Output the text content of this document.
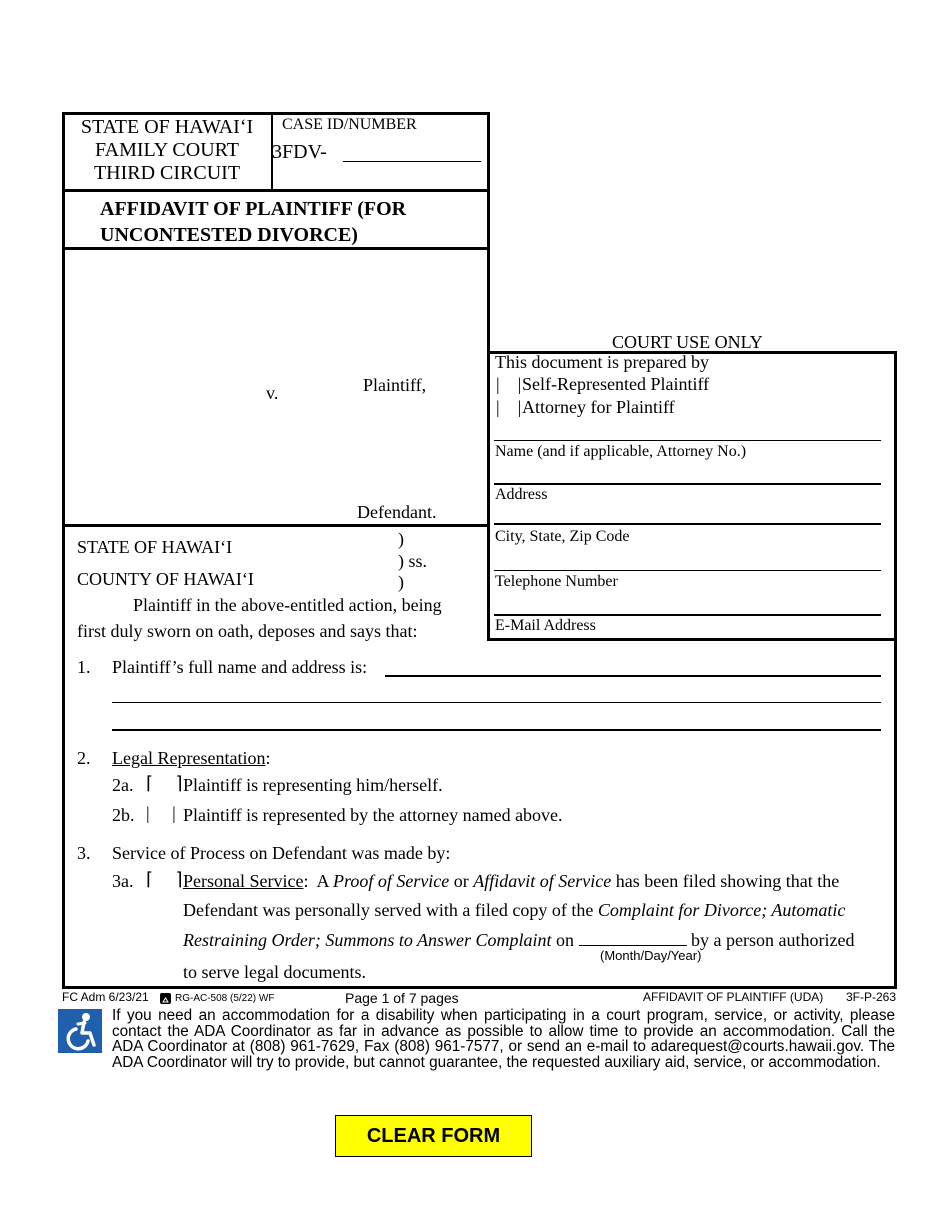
STATE OF HAWAI‘I
FAMILY COURT
THIRD CIRCUIT
CASE ID/NUMBER
3FDV-
AFFIDAVIT OF PLAINTIFF (FOR
UNCONTESTED DIVORCE)
Plaintiff,
v.
Defendant.
COURT USE ONLY
This document is prepared by
|    |Self-Represented Plaintiff
|    |Attorney for Plaintiff
Name (and if applicable, Attorney No.)
Address
City, State, Zip Code
Telephone Number
E-Mail Address
STATE OF HAWAI‘I	)
) ss.
COUNTY OF HAWAI‘I	)
Plaintiff in the above-entitled action, being
first duly sworn on oath, deposes and says that:
1. Plaintiff’s full name and address is:
2. Legal Representation:
2a. ⌈     ⌉ Plaintiff is representing him/herself.
2b. |     | Plaintiff is represented by the attorney named above.
3. Service of Process on Defendant was made by:
3a. ⌈     ⌉ Personal Service:  A Proof of Service or Affidavit of Service has been filed showing that the
Defendant was personally served with a filed copy of the Complaint for Divorce; Automatic
Restraining Order; Summons to Answer Complaint on	by a person authorized
(Month/Day/Year)
to serve legal documents.
FC Adm 6/23/21	RG-AC-508 (5/22) WF	Page 1 of 7 pages	AFFIDAVIT OF PLAINTIFF (UDA) 3F-P-263
If you need an accommodation for a disability when participating in a court program, service, or activity, please contact the ADA Coordinator as far in advance as possible to allow time to provide an accommodation. Call the ADA Coordinator at (808) 961-7629, Fax (808) 961-7577, or send an e-mail to adarequest@courts.hawaii.gov. The ADA Coordinator will try to provide, but cannot guarantee, the requested auxiliary aid, service, or accommodation.
CLEAR FORM
